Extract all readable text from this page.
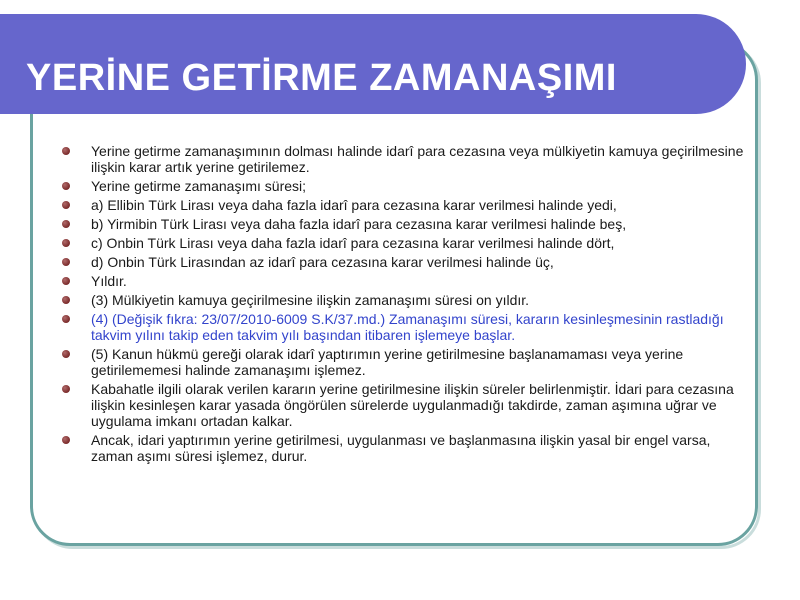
YERİNE GETİRME ZAMANAŞIMI
Yerine getirme zamanaşımının dolması halinde idarî para cezasına veya mülkiyetin kamuya geçirilmesine ilişkin karar artık yerine getirilemez.
Yerine getirme zamanaşımı süresi;
a) Ellibin Türk Lirası veya daha fazla idarî para cezasına karar verilmesi halinde yedi,
b) Yirmibin Türk Lirası veya daha fazla idarî para cezasına karar verilmesi halinde beş,
c) Onbin Türk Lirası veya daha fazla idarî para cezasına karar verilmesi halinde dört,
d) Onbin Türk Lirasından az idarî para cezasına karar verilmesi halinde üç,
Yıldır.
(3) Mülkiyetin kamuya geçirilmesine ilişkin zamanaşımı süresi on yıldır.
(4) (Değişik fıkra: 23/07/2010-6009 S.K/37.md.) Zamanaşımı süresi, kararın kesinleşmesinin rastladığı takvim yılını takip eden takvim yılı başından itibaren işlemeye başlar.
(5) Kanun hükmü gereği olarak idarî yaptırımın yerine getirilmesine başlanamaması veya yerine getirilememesi halinde zamanaşımı işlemez.
Kabahatle ilgili olarak verilen kararın yerine getirilmesine ilişkin süreler belirlenmiştir. İdari para cezasına ilişkin kesinleşen karar yasada öngörülen sürelerde uygulanmadığı takdirde, zaman aşımına uğrar ve uygulama imkanı ortadan kalkar.
Ancak, idari yaptırımın yerine getirilmesi, uygulanması ve başlanmasına ilişkin yasal bir engel varsa, zaman aşımı süresi işlemez, durur.
